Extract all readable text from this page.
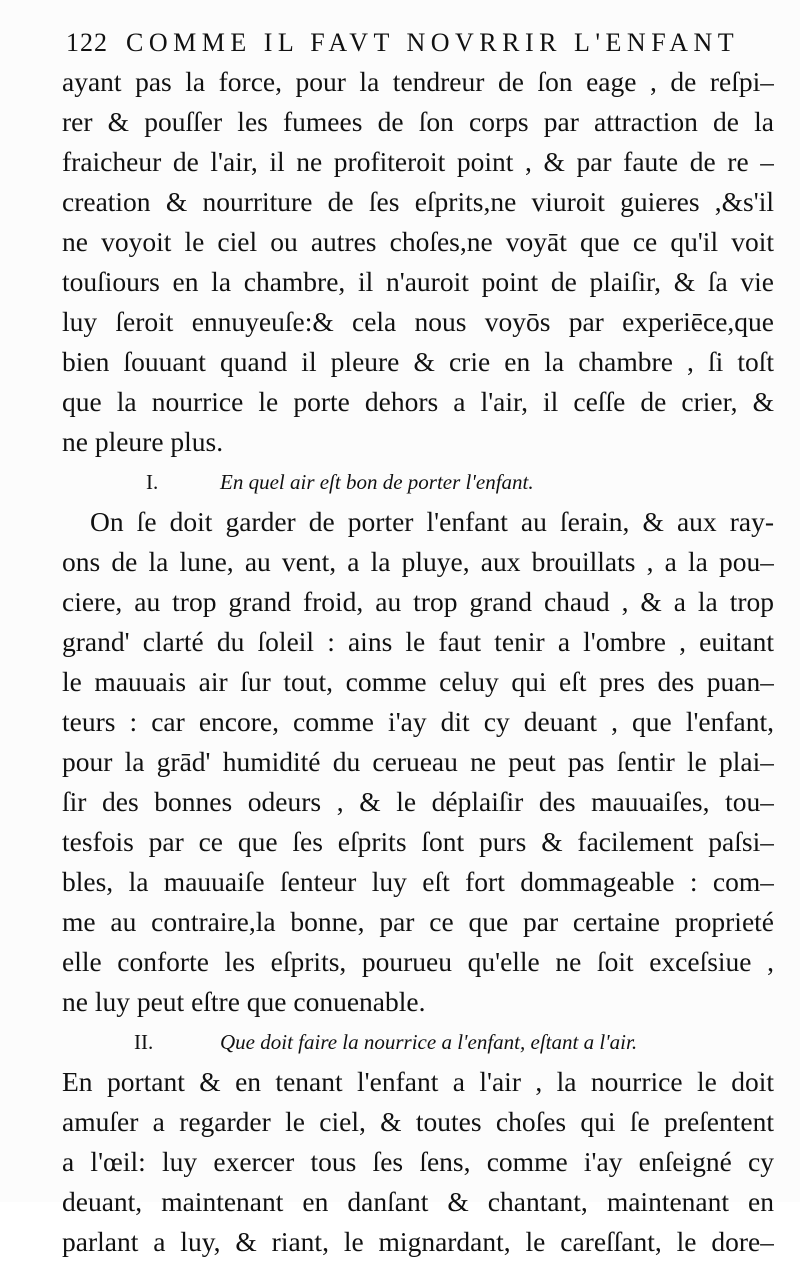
122 COMME IL FAVT NOVRRIR L'ENFANT
ayant pas la force, pour la tendreur de ſon eage , de reſpi–
rer & pouſſer les fumees de ſon corps par attraction de la
fraicheur de l'air, il ne profiteroit point , & par faute de re –
creation & nourriture de ſes eſprits,ne viuroit guieres ,&s'il
ne voyoit le ciel ou autres choſes,ne voyāt que ce qu'il voit
touſiours en la chambre, il n'auroit point de plaiſir, & ſa vie
luy ſeroit ennuyeuſe:& cela nous voyōs par experiēce,que
bien ſouuant quand il pleure & crie en la chambre , ſi toſt
que la nourrice le porte dehors a l'air, il ceſſe de crier, &
ne pleure plus.
I.	En quel air eſt bon de porter l'enfant.
On ſe doit garder de porter l'enfant au ſerain, & aux ray-
ons de la lune, au vent, a la pluye, aux brouillats , a la pou–
ciere, au trop grand froid, au trop grand chaud , & a la trop
grand' clarté du ſoleil : ains le faut tenir a l'ombre , euitant
le mauuais air ſur tout, comme celuy qui eſt pres des puan–
teurs : car encore, comme i'ay dit cy deuant , que l'enfant,
pour la grād' humidité du cerueau ne peut pas ſentir le plai–
ſir des bonnes odeurs , & le déplaiſir des mauuaiſes, tou–
tesfois par ce que ſes eſprits ſont purs & facilement paſsi–
bles, la mauuaiſe ſenteur luy eſt fort dommageable : com–
me au contraire,la bonne, par ce que par certaine proprieté
elle conforte les eſprits, pourueu qu'elle ne ſoit exceſsiue ,
ne luy peut eſtre que conuenable.
II.	Que doit faire la nourrice a l'enfant, eſtant a l'air.
En portant & en tenant l'enfant a l'air , la nourrice le doit
amuſer a regarder le ciel, & toutes choſes qui ſe preſentent
a l'œil: luy exercer tous ſes ſens, comme i'ay enſeigné cy
deuant, maintenant en danſant & chantant, maintenant en
parlant a luy, & riant, le mignardant, le careſſant, le dore–
